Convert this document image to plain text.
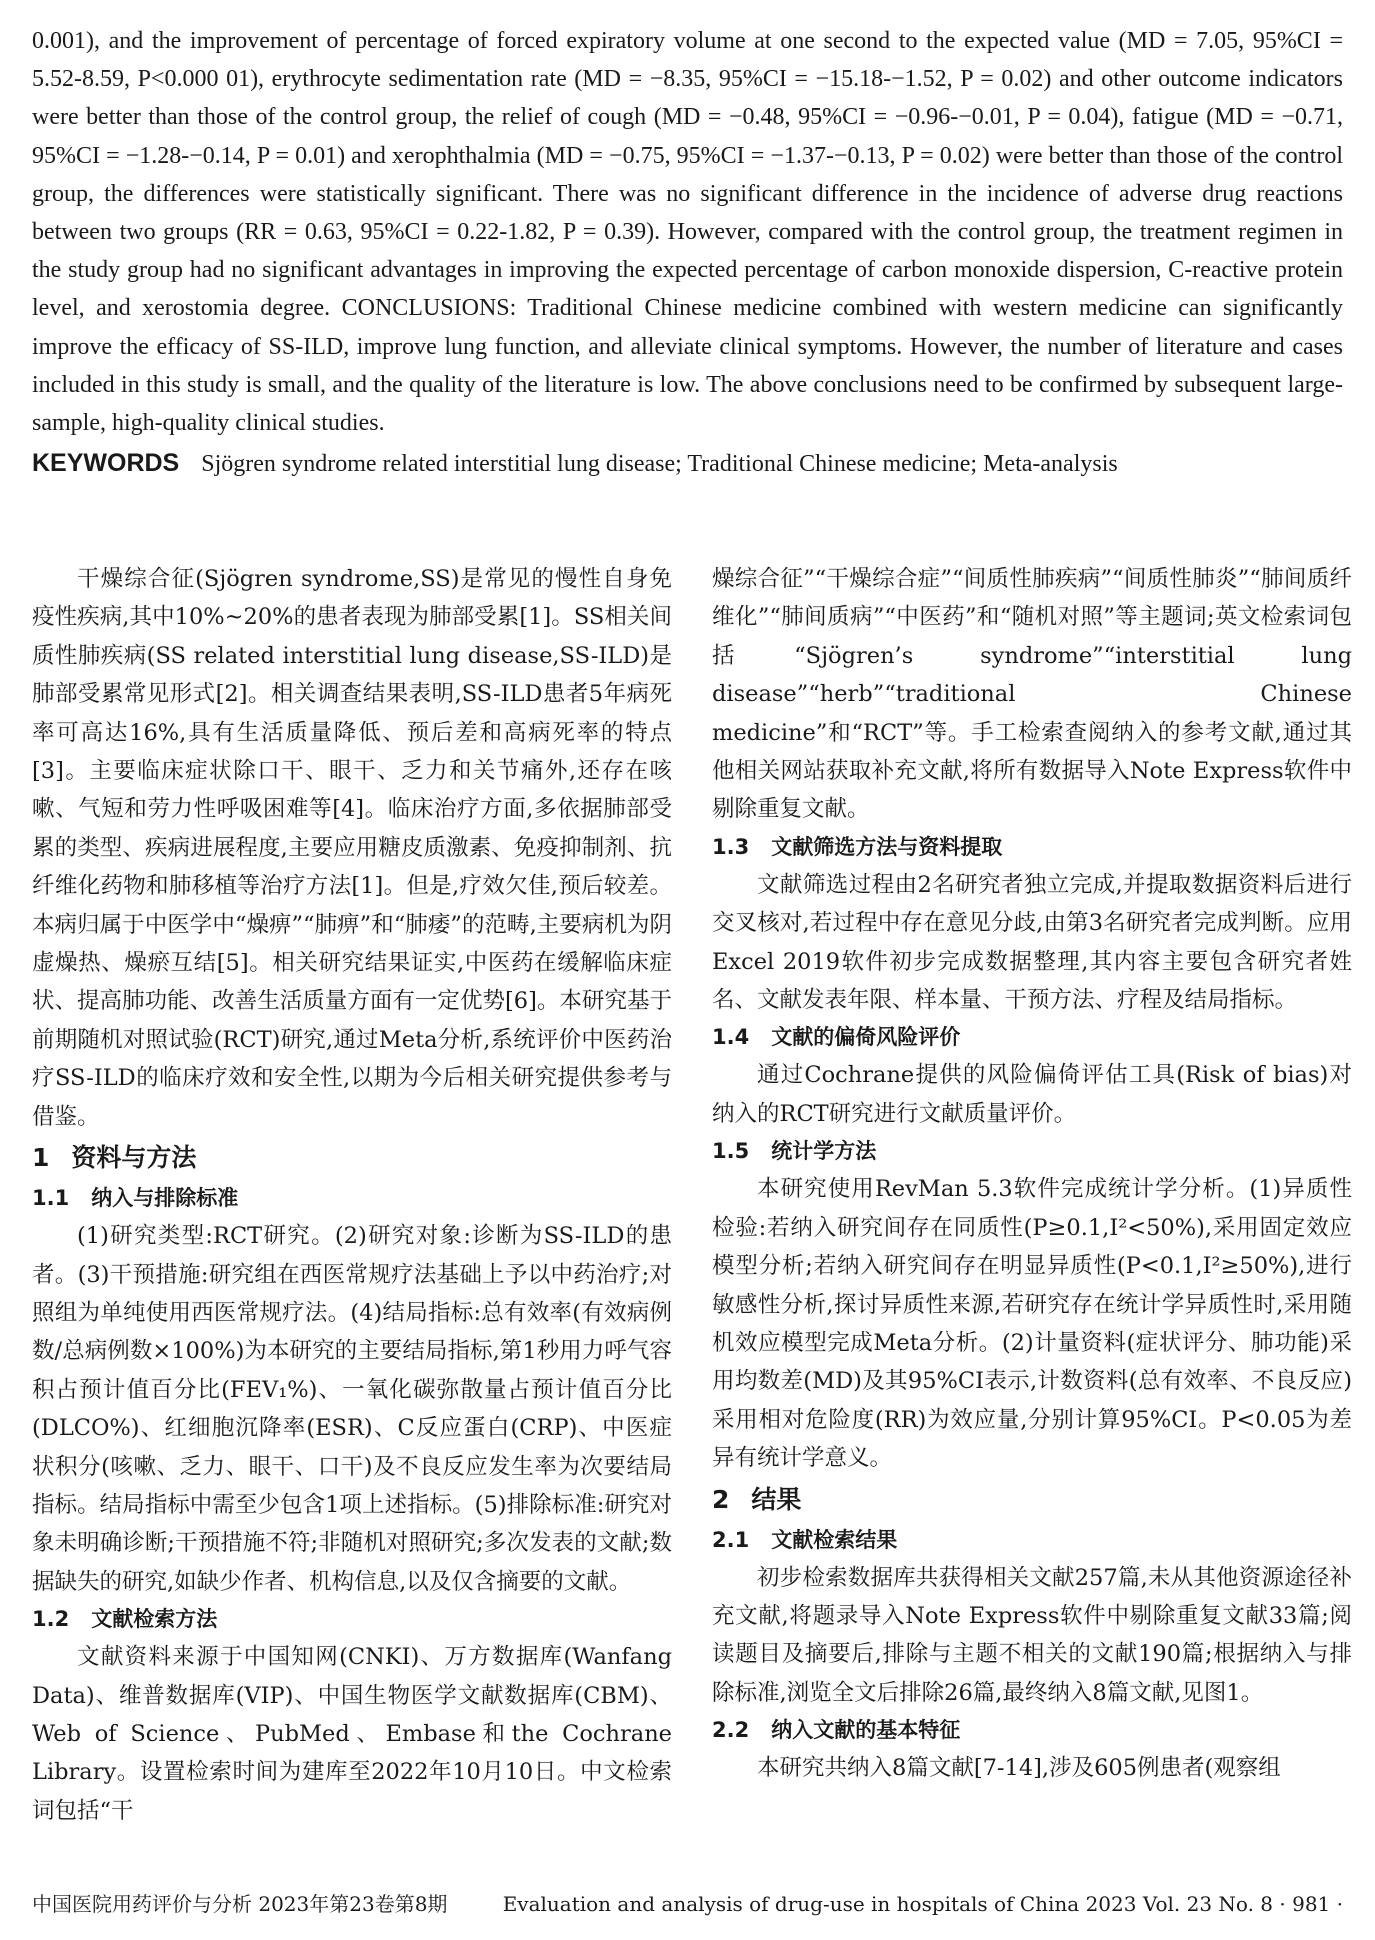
0.001), and the improvement of percentage of forced expiratory volume at one second to the expected value (MD = 7.05, 95%CI = 5.52-8.59, P<0.000 01), erythrocyte sedimentation rate (MD = −8.35, 95%CI = −15.18-−1.52, P = 0.02) and other outcome indicators were better than those of the control group, the relief of cough (MD = −0.48, 95%CI = −0.96-−0.01, P = 0.04), fatigue (MD = −0.71, 95%CI = −1.28-−0.14, P = 0.01) and xerophthalmia (MD = −0.75, 95%CI = −1.37-−0.13, P = 0.02) were better than those of the control group, the differences were statistically significant. There was no significant difference in the incidence of adverse drug reactions between two groups (RR = 0.63, 95%CI = 0.22-1.82, P = 0.39). However, compared with the control group, the treatment regimen in the study group had no significant advantages in improving the expected percentage of carbon monoxide dispersion, C-reactive protein level, and xerostomia degree. CONCLUSIONS: Traditional Chinese medicine combined with western medicine can significantly improve the efficacy of SS-ILD, improve lung function, and alleviate clinical symptoms. However, the number of literature and cases included in this study is small, and the quality of the literature is low. The above conclusions need to be confirmed by subsequent large-sample, high-quality clinical studies.

KEYWORDS Sjögren syndrome related interstitial lung disease; Traditional Chinese medicine; Meta-analysis

干燥综合征(Sjögren syndrome,SS)是常见的慢性自身免疫性疾病,其中10%~20%的患者表现为肺部受累[1]。SS相关间质性肺疾病(SS related interstitial lung disease,SS-ILD)是肺部受累常见形式[2]。相关调查结果表明,SS-ILD患者5年病死率可高达16%,具有生活质量降低、预后差和高病死率的特点[3]。主要临床症状除口干、眼干、乏力和关节痛外,还存在咳嗽、气短和劳力性呼吸困难等[4]。临床治疗方面,多依据肺部受累的类型、疾病进展程度,主要应用糖皮质激素、免疫抑制剂、抗纤维化药物和肺移植等治疗方法[1]。但是,疗效欠佳,预后较差。本病归属于中医学中“燥痹”“肺痹”和“肺痿”的范畴,主要病机为阴虚燥热、燥瘀互结[5]。相关研究结果证实,中医药在缓解临床症状、提高肺功能、改善生活质量方面有一定优势[6]。本研究基于前期随机对照试验(RCT)研究,通过Meta分析,系统评价中医药治疗SS-ILD的临床疗效和安全性,以期为今后相关研究提供参考与借鉴。

1 资料与方法
1.1 纳入与排除标准

(1)研究类型:RCT研究。(2)研究对象:诊断为SS-ILD的患者。(3)干预措施:研究组在西医常规疗法基础上予以中药治疗;对照组为单纯使用西医常规疗法。(4)结局指标:总有效率(有效病例数/总病例数×100%)为本研究的主要结局指标,第1秒用力呼气容积占预计值百分比(FEV₁%)、一氧化碳弥散量占预计值百分比(DLCO%)、红细胞沉降率(ESR)、C反应蛋白(CRP)、中医症状积分(咳嗽、乏力、眼干、口干)及不良反应发生率为次要结局指标。结局指标中需至少包含1项上述指标。(5)排除标准:研究对象未明确诊断;干预措施不符;非随机对照研究;多次发表的文献;数据缺失的研究,如缺少作者、机构信息,以及仅含摘要的文献。

1.2 文献检索方法

文献资料来源于中国知网(CNKI)、万方数据库(Wanfang Data)、维普数据库(VIP)、中国生物医学文献数据库(CBM)、Web of Science、PubMed、Embase和the Cochrane Library。设置检索时间为建库至2022年10月10日。中文检索词包括“干

燥综合征”“干燥综合症”“间质性肺疾病”“间质性肺炎”“肺间质纤维化”“肺间质病”“中医药”和“随机对照”等主题词;英文检索词包括“Sjögren’s syndrome”“interstitial lung disease”“herb”“traditional Chinese medicine”和“RCT”等。手工检索查阅纳入的参考文献,通过其他相关网站获取补充文献,将所有数据导入Note Express软件中剔除重复文献。

1.3 文献筛选方法与资料提取

文献筛选过程由2名研究者独立完成,并提取数据资料后进行交叉核对,若过程中存在意见分歧,由第3名研究者完成判断。应用Excel 2019软件初步完成数据整理,其内容主要包含研究者姓名、文献发表年限、样本量、干预方法、疗程及结局指标。

1.4 文献的偏倚风险评价

通过Cochrane提供的风险偏倚评估工具(Risk of bias)对纳入的RCT研究进行文献质量评价。

1.5 统计学方法

本研究使用RevMan 5.3软件完成统计学分析。(1)异质性检验:若纳入研究间存在同质性(P≥0.1,I²<50%),采用固定效应模型分析;若纳入研究间存在明显异质性(P<0.1,I²≥50%),进行敏感性分析,探讨异质性来源,若研究存在统计学异质性时,采用随机效应模型完成Meta分析。(2)计量资料(症状评分、肺功能)采用均数差(MD)及其95%CI表示,计数资料(总有效率、不良反应)采用相对危险度(RR)为效应量,分别计算95%CI。P<0.05为差异有统计学意义。

2 结果
2.1 文献检索结果

初步检索数据库共获得相关文献257篇,未从其他资源途径补充文献,将题录导入Note Express软件中剔除重复文献33篇;阅读题目及摘要后,排除与主题不相关的文献190篇;根据纳入与排除标准,浏览全文后排除26篇,最终纳入8篇文献,见图1。

2.2 纳入文献的基本特征

本研究共纳入8篇文献[7-14],涉及605例患者(观察组

中国医院用药评价与分析 2023年第23卷第8期	Evaluation and analysis of drug-use in hospitals of China 2023 Vol. 23 No. 8 · 981 ·
